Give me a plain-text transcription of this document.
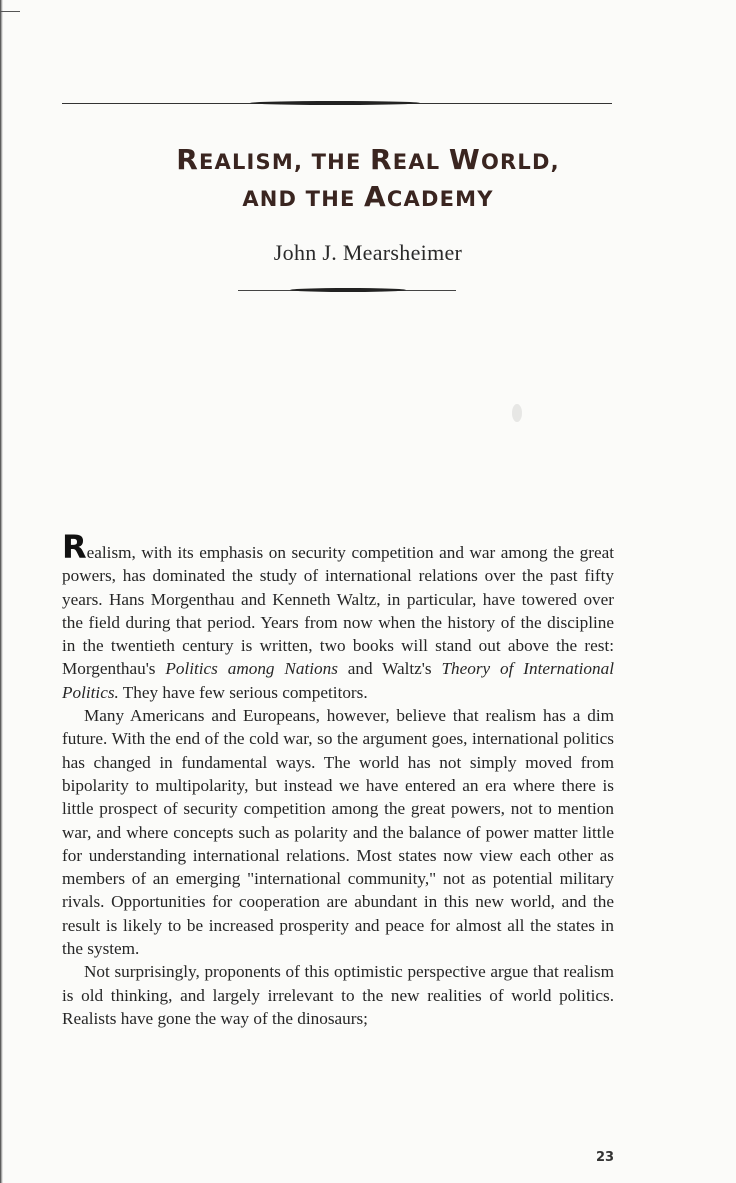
REALISM, THE REAL WORLD,
AND THE ACADEMY
John J. Mearsheimer

Realism, with its emphasis on security competition and war among the great powers, has dominated the study of international relations over the past fifty years. Hans Morgenthau and Kenneth Waltz, in particular, have towered over the field during that period. Years from now when the history of the discipline in the twentieth century is written, two books will stand out above the rest: Morgenthau's Politics among Nations and Waltz's Theory of International Politics. They have few serious competitors.

Many Americans and Europeans, however, believe that realism has a dim future. With the end of the cold war, so the argument goes, international politics has changed in fundamental ways. The world has not simply moved from bipolarity to multipolarity, but instead we have entered an era where there is little prospect of security competition among the great powers, not to mention war, and where concepts such as polarity and the balance of power matter little for understanding international relations. Most states now view each other as members of an emerging "international community," not as potential military rivals. Opportunities for cooperation are abundant in this new world, and the result is likely to be increased prosperity and peace for almost all the states in the system.

Not surprisingly, proponents of this optimistic perspective argue that realism is old thinking, and largely irrelevant to the new realities of world politics. Realists have gone the way of the dinosaurs;

23
